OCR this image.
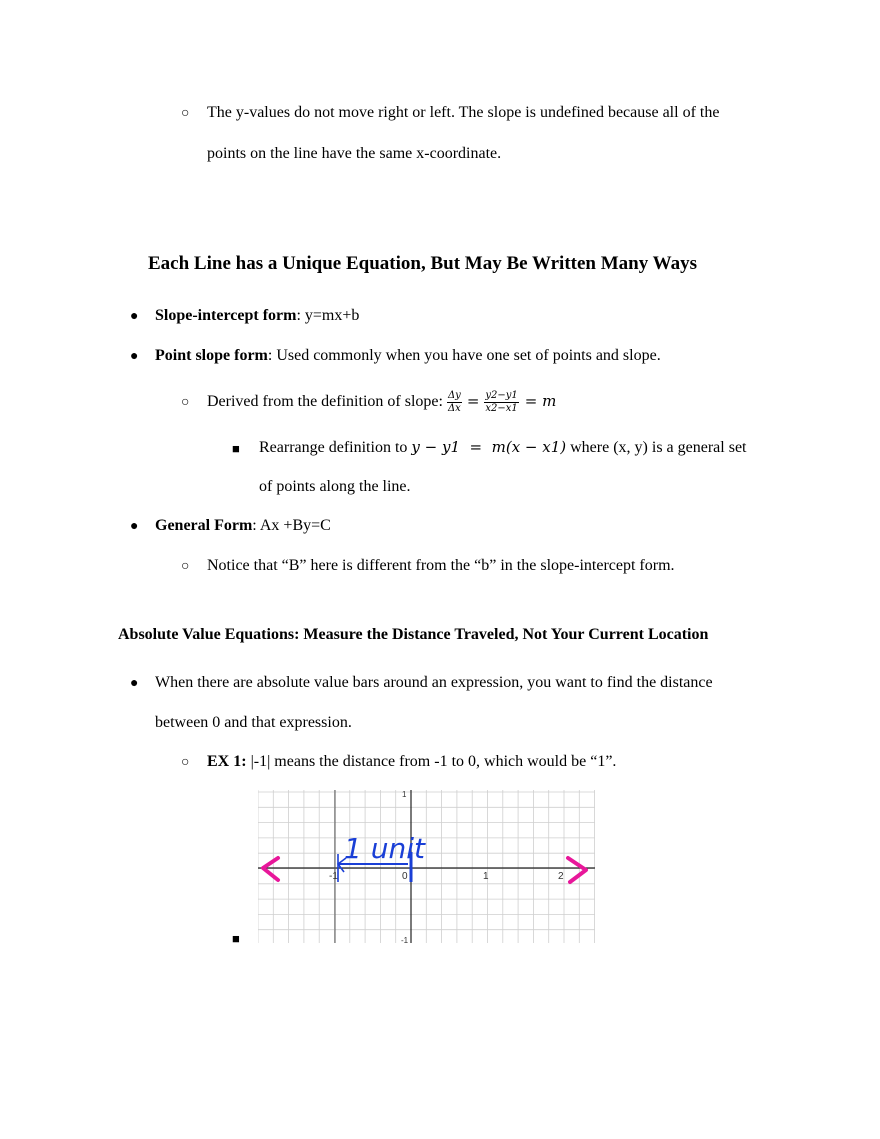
○ The y-values do not move right or left. The slope is undefined because all of the
points on the line have the same x-coordinate.
Each Line has a Unique Equation, But May Be Written Many Ways
● Slope-intercept form: y=mx+b
● Point slope form: Used commonly when you have one set of points and slope.
○ Derived from the definition of slope: $\frac{\Delta y}{\Delta x} = \frac{y2-y1}{x2-x1} = m$
■ Rearrange definition to y − y1  =  m(x − x1) where (x, y) is a general set
of points along the line.
● General Form: Ax +By=C
○ Notice that “B” here is different from the “b” in the slope-intercept form.
Absolute Value Equations: Measure the Distance Traveled, Not Your Current Location
● When there are absolute value bars around an expression, you want to find the distance
between 0 and that expression.
○ EX 1: |-1| means the distance from -1 to 0, which would be “1”.
■
-1	0	1	2
1
-1
1 unit
